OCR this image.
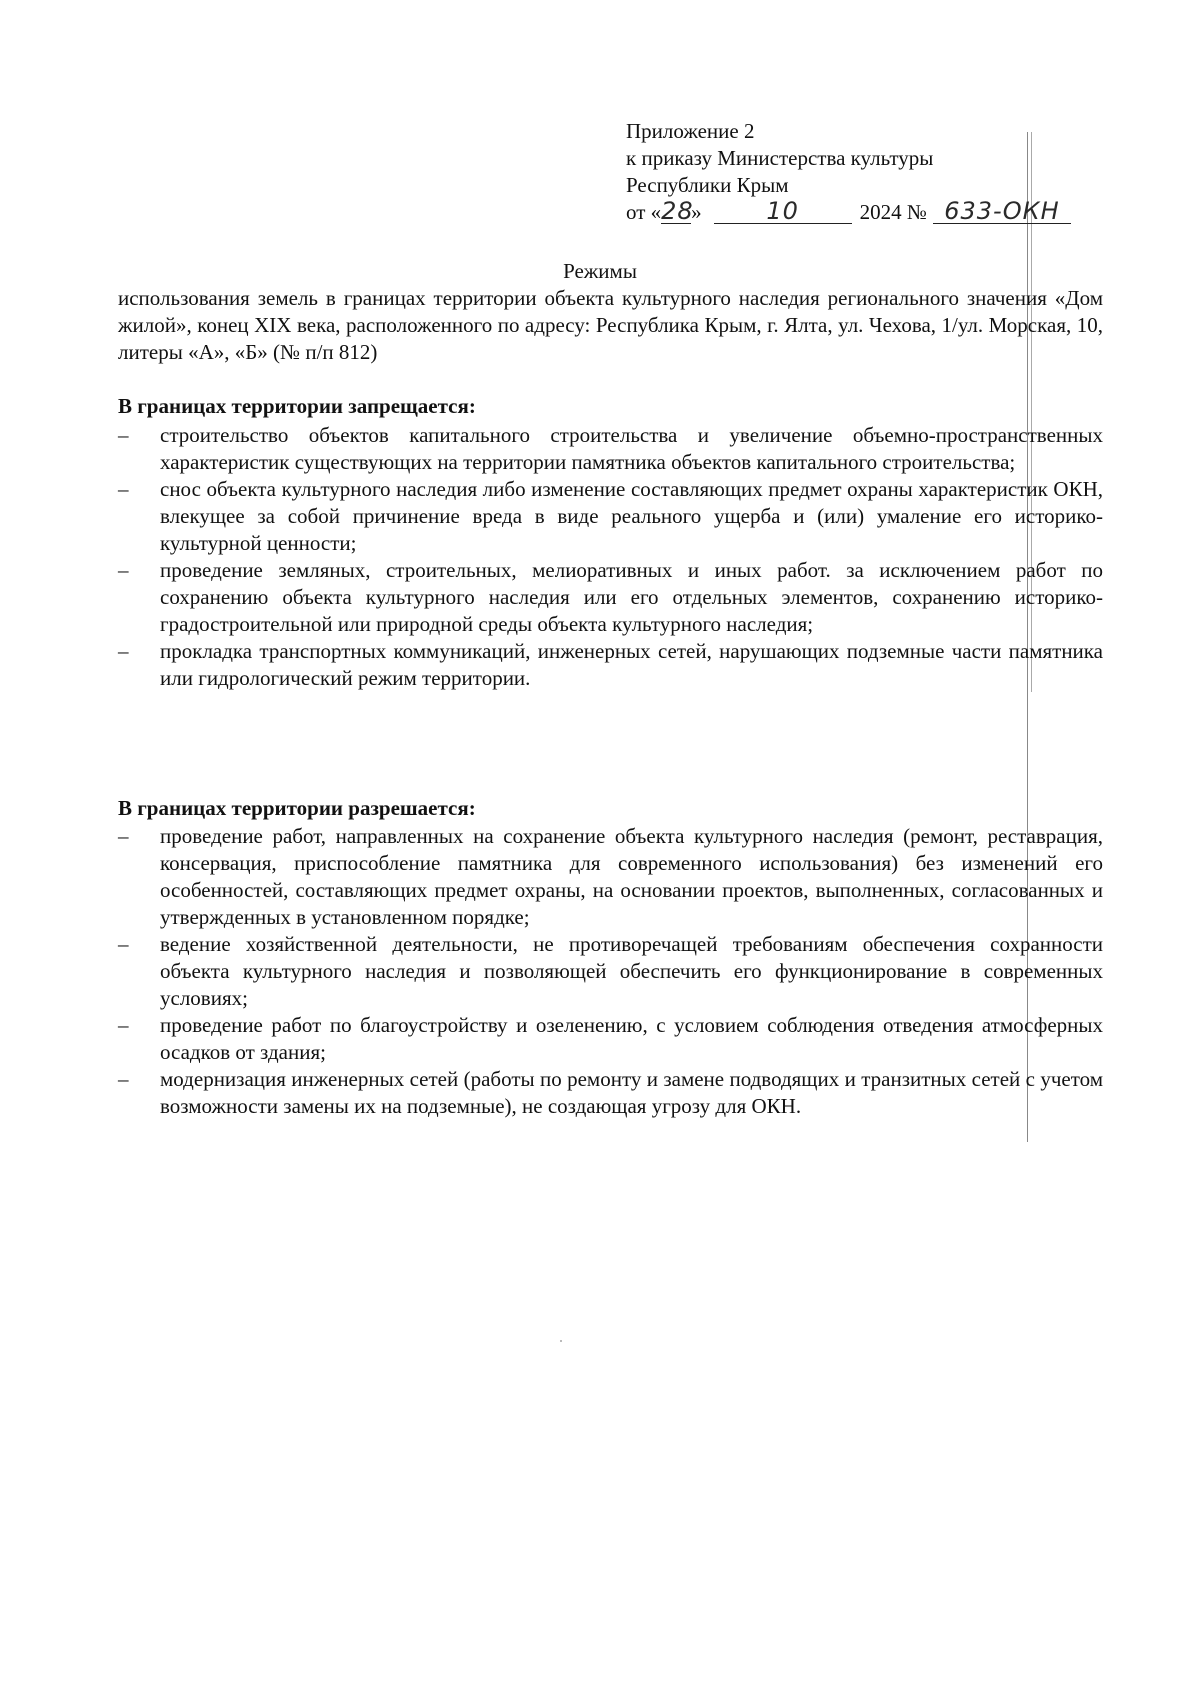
Приложение 2
к приказу Министерства культуры
Республики Крым
от « 28
»	10	2024 № 633-ОКН
Режимы
использования земель в границах территории объекта культурного наследия регионального значения «Дом жилой», конец XIX века, расположенного по адресу: Республика Крым, г. Ялта, ул. Чехова, 1/ул. Морская, 10, литеры «А», «Б» (№ п/п 812)
В границах территории запрещается:
–	строительство объектов капитального строительства и увеличение объемно-пространственных характеристик существующих на территории памятника объектов капитального строительства;
–	снос объекта культурного наследия либо изменение составляющих предмет охраны характеристик ОКН, влекущее за собой причинение вреда в виде реального ущерба и (или) умаление его историко-культурной ценности;
–	проведение земляных, строительных, мелиоративных и иных работ. за исключением работ по сохранению объекта культурного наследия или его отдельных элементов, сохранению историко-градостроительной или природной среды объекта культурного наследия;
–	прокладка транспортных коммуникаций, инженерных сетей, нарушающих подземные части памятника или гидрологический режим территории.
В границах территории разрешается:
–	проведение работ, направленных на сохранение объекта культурного наследия (ремонт, реставрация, консервация, приспособление памятника для современного использования) без изменений его особенностей, составляющих предмет охраны, на основании проектов, выполненных, согласованных и утвержденных в установленном порядке;
–	ведение хозяйственной деятельности, не противоречащей требованиям обеспечения сохранности объекта культурного наследия и позволяющей обеспечить его функционирование в современных условиях;
–	проведение работ по благоустройству и озеленению, с условием соблюдения отведения атмосферных осадков от здания;
–	модернизация инженерных сетей (работы по ремонту и замене подводящих и транзитных сетей с учетом возможности замены их на подземные), не создающая угрозу для ОКН.
